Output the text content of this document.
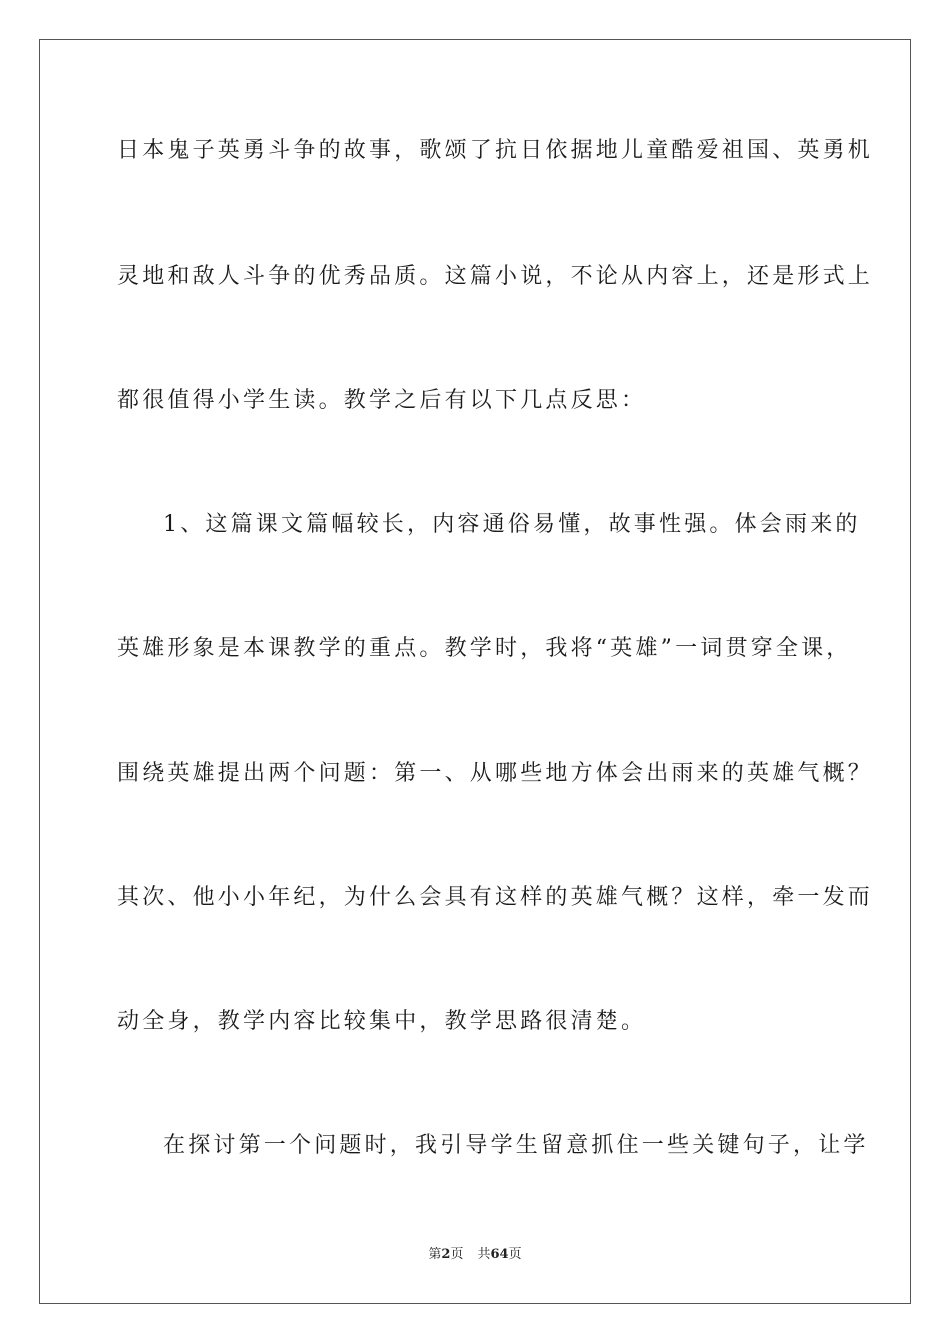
日本鬼子英勇斗争的故事，歌颂了抗日依据地儿童酷爱祖国、英勇机
灵地和敌人斗争的优秀品质。这篇小说，不论从内容上，还是形式上
都很值得小学生读。教学之后有以下几点反思：
1、这篇课文篇幅较长，内容通俗易懂，故事性强。体会雨来的
英雄形象是本课教学的重点。教学时，我将“英雄”一词贯穿全课，
围绕英雄提出两个问题：第一、从哪些地方体会出雨来的英雄气概？
其次、他小小年纪，为什么会具有这样的英雄气概？这样，牵一发而
动全身，教学内容比较集中，教学思路很清楚。
在探讨第一个问题时，我引导学生留意抓住一些关键句子，让学
第2页 共64页
